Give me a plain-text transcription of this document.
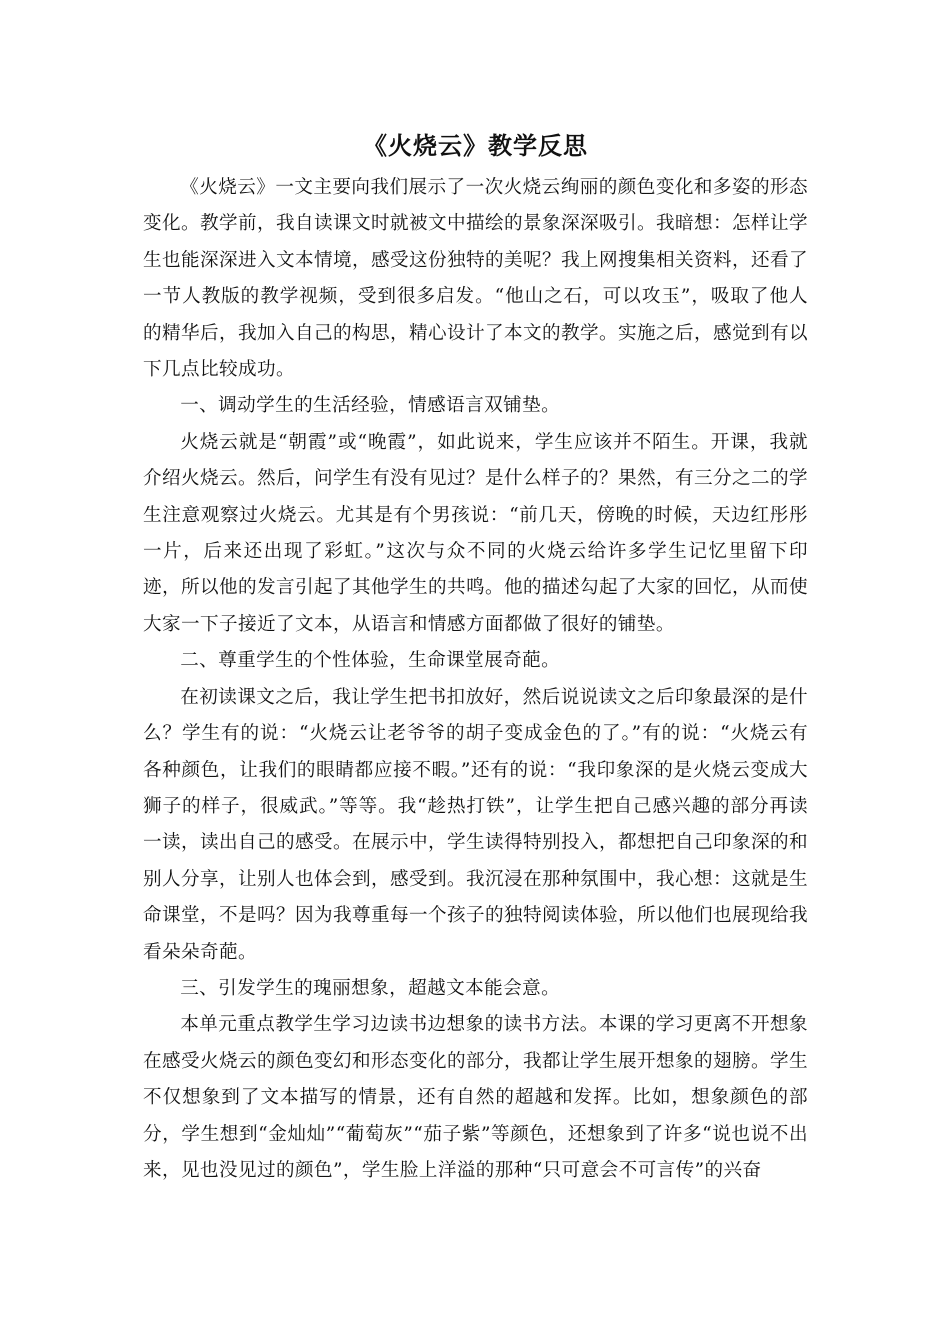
《火烧云》教学反思

《火烧云》一文主要向我们展示了一次火烧云绚丽的颜色变化和多姿的形态变化。教学前，我自读课文时就被文中描绘的景象深深吸引。我暗想：怎样让学生也能深深进入文本情境，感受这份独特的美呢？我上网搜集相关资料，还看了一节人教版的教学视频，受到很多启发。“他山之石，可以攻玉”，吸取了他人的精华后，我加入自己的构思，精心设计了本文的教学。实施之后，感觉到有以下几点比较成功。

一、调动学生的生活经验，情感语言双铺垫。

火烧云就是“朝霞”或“晚霞”，如此说来，学生应该并不陌生。开课，我就介绍火烧云。然后，问学生有没有见过？是什么样子的？果然，有三分之二的学生注意观察过火烧云。尤其是有个男孩说：“前几天，傍晚的时候，天边红彤彤一片，后来还出现了彩虹。”这次与众不同的火烧云给许多学生记忆里留下印迹，所以他的发言引起了其他学生的共鸣。他的描述勾起了大家的回忆，从而使大家一下子接近了文本，从语言和情感方面都做了很好的铺垫。

二、尊重学生的个性体验，生命课堂展奇葩。

在初读课文之后，我让学生把书扣放好，然后说说读文之后印象最深的是什么？学生有的说：“火烧云让老爷爷的胡子变成金色的了。”有的说：“火烧云有各种颜色，让我们的眼睛都应接不暇。”还有的说：“我印象深的是火烧云变成大狮子的样子，很威武。”等等。我“趁热打铁”，让学生把自己感兴趣的部分再读一读，读出自己的感受。在展示中，学生读得特别投入，都想把自己印象深的和别人分享，让别人也体会到，感受到。我沉浸在那种氛围中，我心想：这就是生命课堂，不是吗？因为我尊重每一个孩子的独特阅读体验，所以他们也展现给我看朵朵奇葩。

三、引发学生的瑰丽想象，超越文本能会意。

本单元重点教学生学习边读书边想象的读书方法。本课的学习更离不开想象在感受火烧云的颜色变幻和形态变化的部分，我都让学生展开想象的翅膀。学生不仅想象到了文本描写的情景，还有自然的超越和发挥。比如，想象颜色的部分，学生想到“金灿灿”“葡萄灰”“茄子紫”等颜色，还想象到了许多“说也说不出来，见也没见过的颜色”，学生脸上洋溢的那种“只可意会不可言传”的兴奋
